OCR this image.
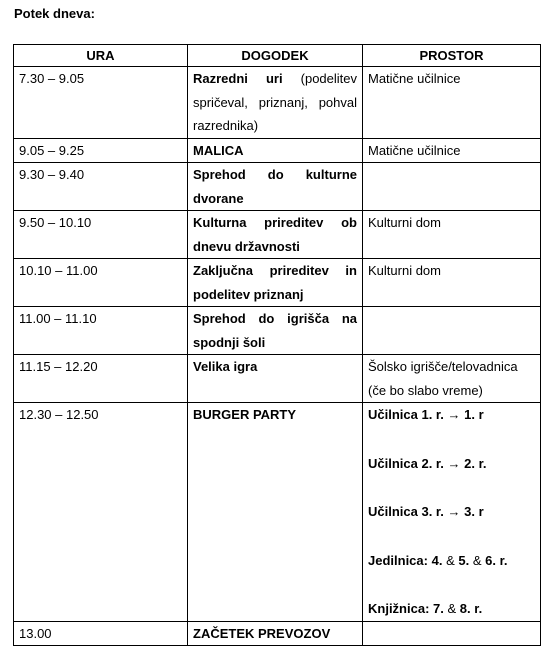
Potek dneva:
URA	DOGODEK	PROSTOR
7.30 – 9.05	Razredni uri (podelitev spričeval, priznanj, pohval razrednika)	Matične učilnice
9.05 – 9.25	MALICA	Matične učilnice
9.30 – 9.40	Sprehod do kulturne dvorane	
9.50 – 10.10	Kulturna prireditev ob dnevu državnosti	Kulturni dom
10.10 – 11.00	Zaključna prireditev in podelitev priznanj	Kulturni dom
11.00 – 11.10	Sprehod do igrišča na spodnji šoli	
11.15 – 12.20	Velika igra	Šolsko igrišče/telovadnica (če bo slabo vreme)
12.30 – 12.50	BURGER PARTY	Učilnica 1. r. → 1. r
Učilnica 2. r. → 2. r.
Učilnica 3. r. → 3. r
Jedilnica: 4. & 5. & 6. r.
Knjižnica: 7. & 8. r.

13.00	ZAČETEK PREVOZOV	
